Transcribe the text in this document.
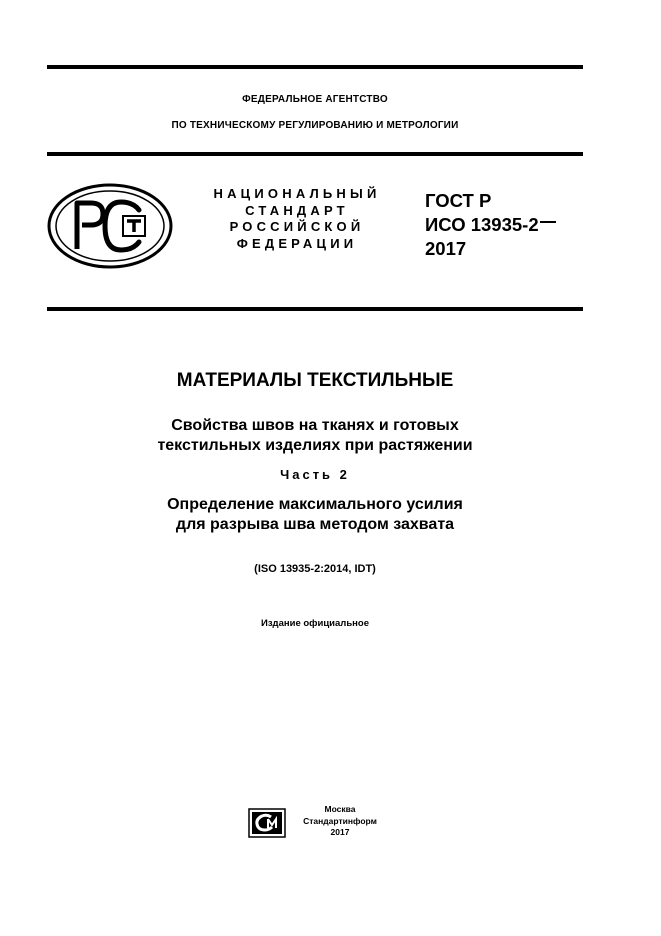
ФЕДЕРАЛЬНОЕ АГЕНТСТВО
ПО ТЕХНИЧЕСКОМУ РЕГУЛИРОВАНИЮ И МЕТРОЛОГИИ
НАЦИОНАЛЬНЫЙ
СТАНДАРТ
РОССИЙСКОЙ
ФЕДЕРАЦИИ
ГОСТ Р
ИСО 13935-2
2017
МАТЕРИАЛЫ ТЕКСТИЛЬНЫЕ
Свойства швов на тканях и готовых
текстильных изделиях при растяжении
Часть 2
Определение максимального усилия
для разрыва шва методом захвата
(ISO 13935-2:2014, IDT)
Издание официальное
Москва
Стандартинформ
2017
